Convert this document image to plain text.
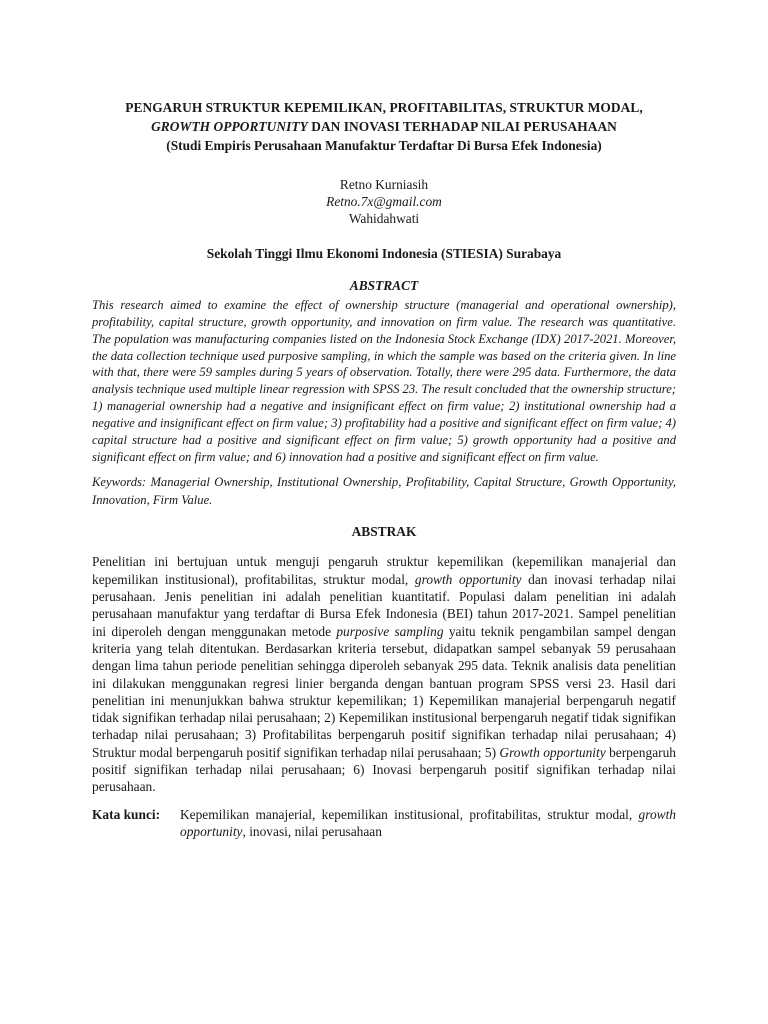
PENGARUH STRUKTUR KEPEMILIKAN, PROFITABILITAS, STRUKTUR MODAL,
GROWTH OPPORTUNITY DAN INOVASI TERHADAP NILAI PERUSAHAAN
(Studi Empiris Perusahaan Manufaktur Terdaftar Di Bursa Efek Indonesia)
Retno Kurniasih
Retno.7x@gmail.com
Wahidahwati
Sekolah Tinggi Ilmu Ekonomi Indonesia (STIESIA) Surabaya
ABSTRACT
This research aimed to examine the effect of ownership structure (managerial and operational ownership), profitability, capital structure, growth opportunity, and innovation on firm value. The research was quantitative. The population was manufacturing companies listed on the Indonesia Stock Exchange (IDX) 2017-2021. Moreover, the data collection technique used purposive sampling, in which the sample was based on the criteria given. In line with that, there were 59 samples during 5 years of observation. Totally, there were 295 data. Furthermore, the data analysis technique used multiple linear regression with SPSS 23. The result concluded that the ownership structure; 1) managerial ownership had a negative and insignificant effect on firm value; 2) institutional ownership had a negative and insignificant effect on firm value; 3) profitability had a positive and significant effect on firm value; 4) capital structure had a positive and significant effect on firm value; 5) growth opportunity had a positive and significant effect on firm value; and 6) innovation had a positive and significant effect on firm value.
Keywords: Managerial Ownership, Institutional Ownership, Profitability, Capital Structure, Growth Opportunity, Innovation, Firm Value.
ABSTRAK
Penelitian ini bertujuan untuk menguji pengaruh struktur kepemilikan (kepemilikan manajerial dan kepemilikan institusional), profitabilitas, struktur modal, growth opportunity dan inovasi terhadap nilai perusahaan. Jenis penelitian ini adalah penelitian kuantitatif. Populasi dalam penelitian ini adalah perusahaan manufaktur yang terdaftar di Bursa Efek Indonesia (BEI) tahun 2017-2021. Sampel penelitian ini diperoleh dengan menggunakan metode purposive sampling yaitu teknik pengambilan sampel dengan kriteria yang telah ditentukan. Berdasarkan kriteria tersebut, didapatkan sampel sebanyak 59 perusahaan dengan lima tahun periode penelitian sehingga diperoleh sebanyak 295 data. Teknik analisis data penelitian ini dilakukan menggunakan regresi linier berganda dengan bantuan program SPSS versi 23. Hasil dari penelitian ini menunjukkan bahwa struktur kepemilikan; 1) Kepemilikan manajerial berpengaruh negatif tidak signifikan terhadap nilai perusahaan; 2) Kepemilikan institusional berpengaruh negatif tidak signifikan terhadap nilai perusahaan; 3) Profitabilitas berpengaruh positif signifikan terhadap nilai perusahaan; 4) Struktur modal berpengaruh positif signifikan terhadap nilai perusahaan; 5) Growth opportunity berpengaruh positif signifikan terhadap nilai perusahaan; 6) Inovasi berpengaruh positif signifikan terhadap nilai perusahaan.
Kata kunci:	Kepemilikan manajerial, kepemilikan institusional, profitabilitas, struktur modal, growth opportunity, inovasi, nilai perusahaan
